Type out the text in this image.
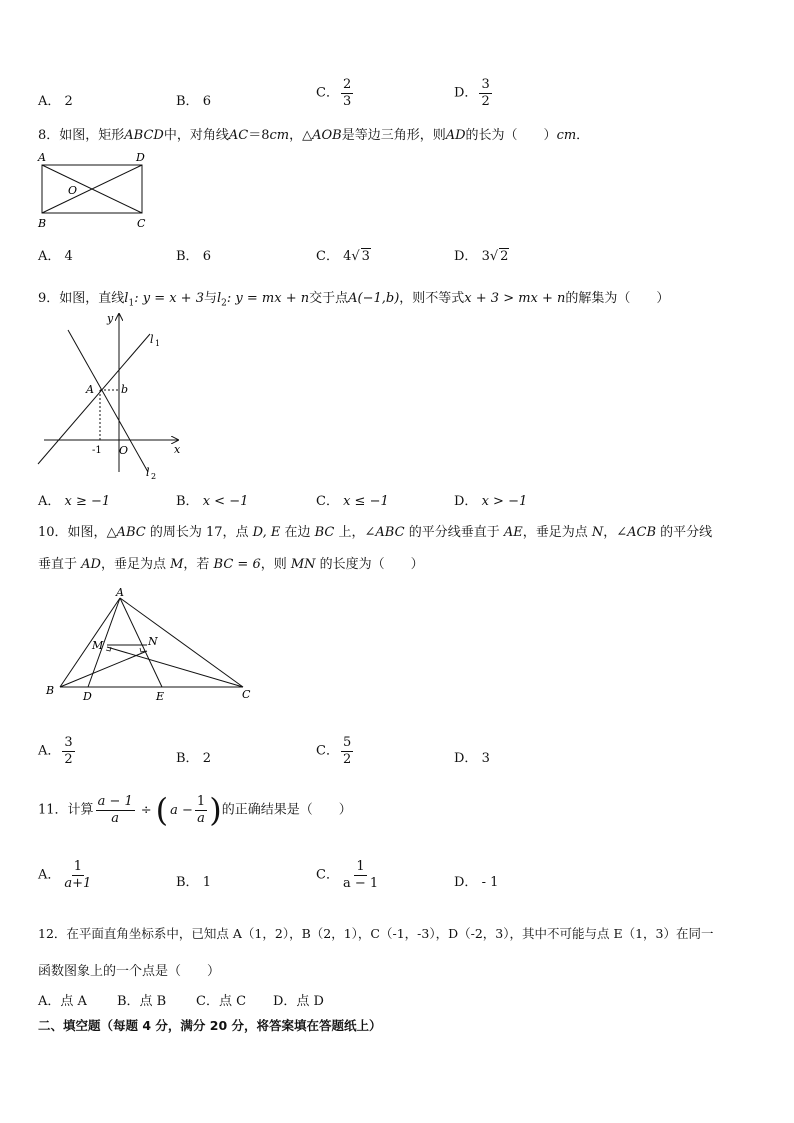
A． 2	B． 6
C． $\frac{2}{3}$	D． $\frac{3}{2}$
8．如图，矩形ABCD中，对角线AC＝8cm，△AOB是等边三角形，则AD的长为（　　）cm．
A	D
O
B	C
A． 4	B． 6	C． 4√ 3	D． 3√ 2
9．如图，直线$l_1$: y = x + 3与$l_2$: y = mx + n交于点A(−1,b)，则不等式x + 3 > mx + n的解集为（　　）
y
x
l 1
l 2
A b
-1 O
A． x ≥ −1	B． x < −1	C． x ≤ −1	D． x > −1
10．如图，△ABC 的周长为 17，点 D, E 在边 BC 上，∠ABC 的平分线垂直于 AE，垂足为点 N，∠ACB 的平分线
垂直于 AD，垂足为点 M，若 BC = 6，则 MN 的长度为（　　）
A
B	C
D	E
M	N
A． $\frac{3}{2}$	B． 2	C． $\frac{5}{2}$	D． 3
11．计算 $\frac{a - 1}{a}$ ÷ ( $a - \frac{1}{a}$ )的正确结果是（　　）
A． $\frac{1}{a+1}$	B． 1	C． $\frac{1}{a - 1}$	D． - 1
12．在平面直角坐标系中，已知点 A（1，2），B（2，1），C（-1，-3），D（-2，3），其中不可能与点 E（1，3）在同一
函数图象上的一个点是（　　）
A．点 A B．点 B C．点 C D．点 D
二、填空题（每题 4 分，满分 20 分，将答案填在答题纸上）
